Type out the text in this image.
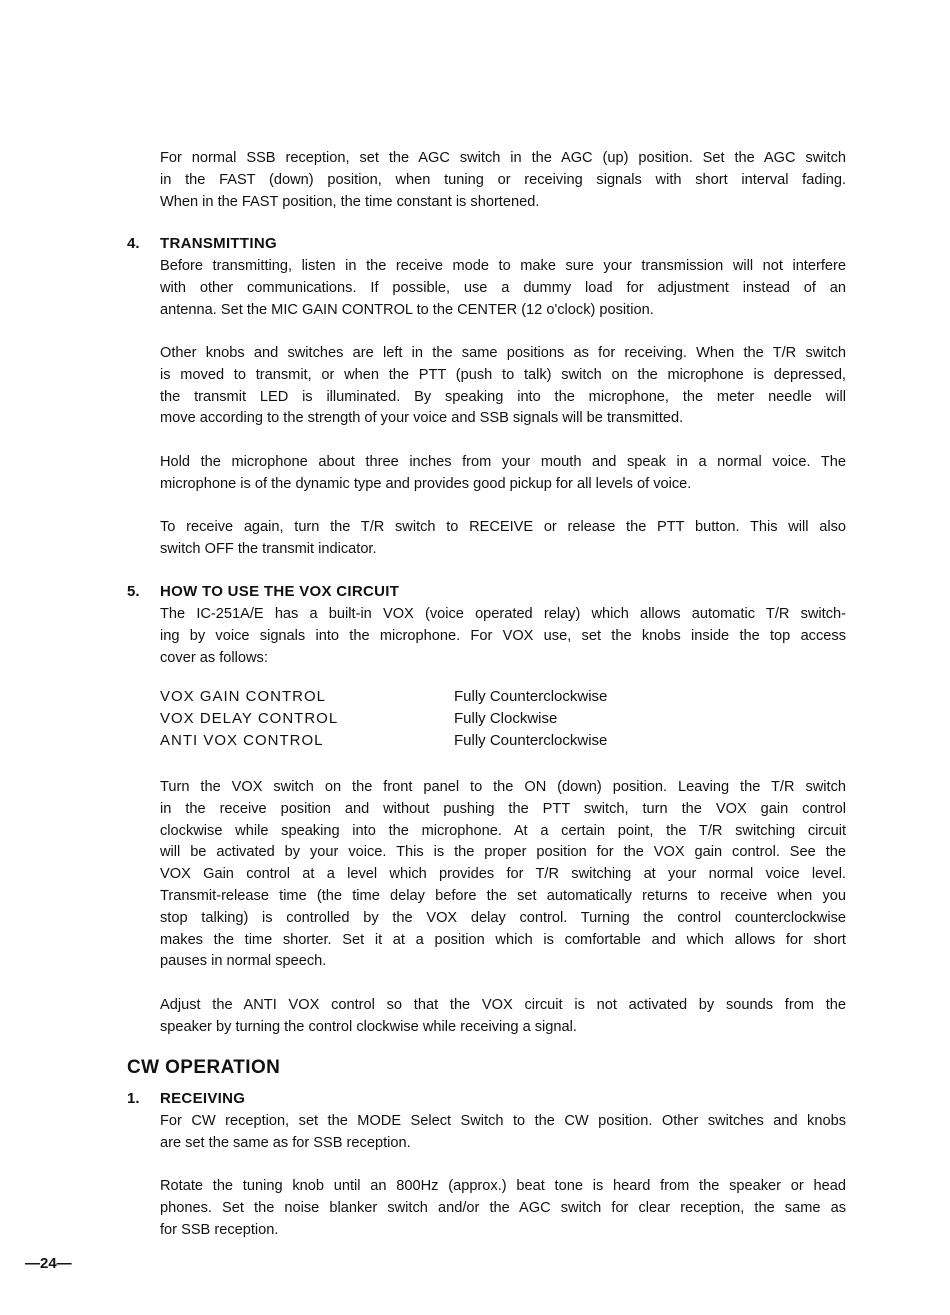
For normal SSB reception, set the AGC switch in the AGC (up) position. Set the AGC switch
in the FAST (down) position, when tuning or receiving signals with short interval fading.
When in the FAST position, the time constant is shortened.

4. TRANSMITTING

Before transmitting, listen in the receive mode to make sure your transmission will not interfere
with other communications. If possible, use a dummy load for adjustment instead of an
antenna. Set the MIC GAIN CONTROL to the CENTER (12 o'clock) position.

Other knobs and switches are left in the same positions as for receiving. When the T/R switch
is moved to transmit, or when the PTT (push to talk) switch on the microphone is depressed,
the transmit LED is illuminated. By speaking into the microphone, the meter needle will
move according to the strength of your voice and SSB signals will be transmitted.

Hold the microphone about three inches from your mouth and speak in a normal voice. The
microphone is of the dynamic type and provides good pickup for all levels of voice.

To receive again, turn the T/R switch to RECEIVE or release the PTT button. This will also
switch OFF the transmit indicator.

5. HOW TO USE THE VOX CIRCUIT

The IC-251A/E has a built-in VOX (voice operated relay) which allows automatic T/R switch-
ing by voice signals into the microphone. For VOX use, set the knobs inside the top access
cover as follows:

VOX GAIN CONTROL	Fully Counterclockwise
VOX DELAY CONTROL	Fully Clockwise
ANTI VOX CONTROL	Fully Counterclockwise

Turn the VOX switch on the front panel to the ON (down) position. Leaving the T/R switch
in the receive position and without pushing the PTT switch, turn the VOX gain control
clockwise while speaking into the microphone. At a certain point, the T/R switching circuit
will be activated by your voice. This is the proper position for the VOX gain control. See the
VOX Gain control at a level which provides for T/R switching at your normal voice level.
Transmit-release time (the time delay before the set automatically returns to receive when you
stop talking) is controlled by the VOX delay control. Turning the control counterclockwise
makes the time shorter. Set it at a position which is comfortable and which allows for short
pauses in normal speech.

Adjust the ANTI VOX control so that the VOX circuit is not activated by sounds from the
speaker by turning the control clockwise while receiving a signal.

CW OPERATION
1. RECEIVING

For CW reception, set the MODE Select Switch to the CW position. Other switches and knobs
are set the same as for SSB reception.

Rotate the tuning knob until an 800Hz (approx.) beat tone is heard from the speaker or head
phones. Set the noise blanker switch and/or the AGC switch for clear reception, the same as
for SSB reception.

—24—
